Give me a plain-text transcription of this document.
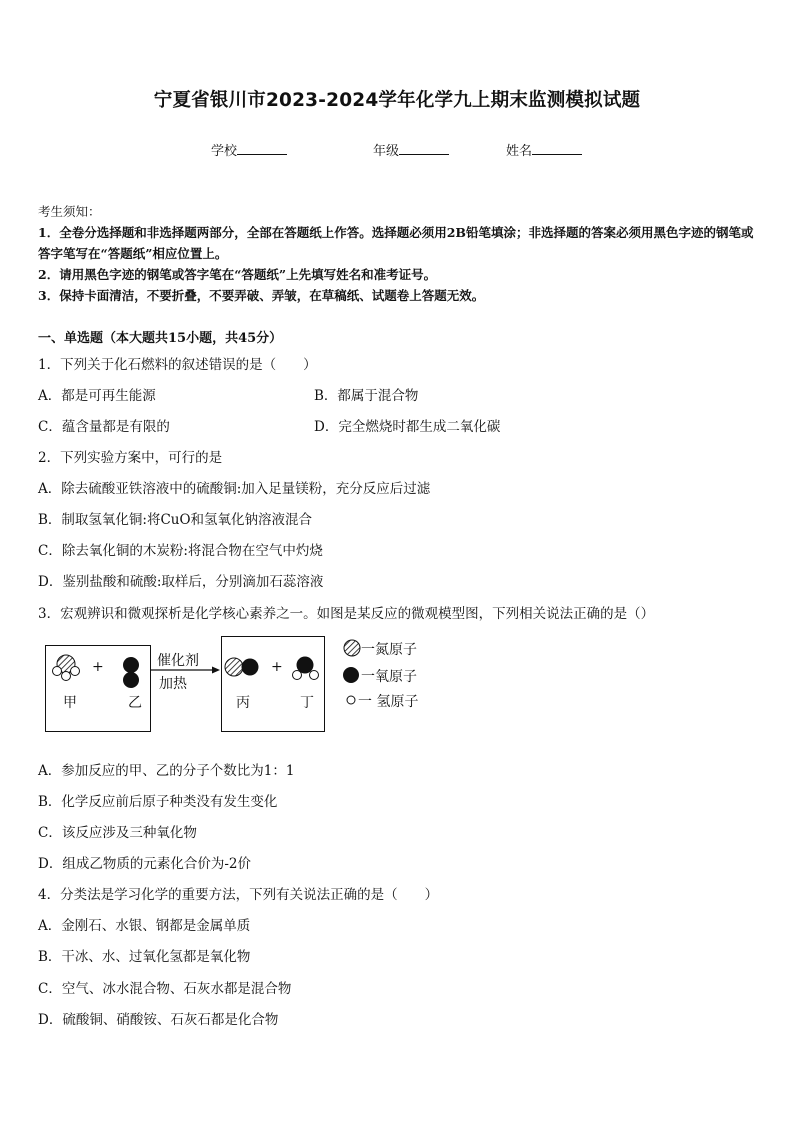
宁夏省银川市2023-2024学年化学九上期末监测模拟试题
学校	年级	姓名
考生须知：
1．全卷分选择题和非选择题两部分，全部在答题纸上作答。选择题必须用2B铅笔填涂；非选择题的答案必须用黑色字迹的钢笔或答字笔写在“答题纸”相应位置上。
2．请用黑色字迹的钢笔或答字笔在“答题纸”上先填写姓名和准考证号。
3．保持卡面清洁，不要折叠，不要弄破、弄皱，在草稿纸、试题卷上答题无效。
一、单选题（本大题共15小题，共45分）
1．下列关于化石燃料的叙述错误的是（　　）
A．都是可再生能源	B．都属于混合物
C．蕴含量都是有限的	D．完全燃烧时都生成二氧化碳
2．下列实验方案中，可行的是
A．除去硫酸亚铁溶液中的硫酸铜:加入足量镁粉，充分反应后过滤
B．制取氢氧化铜:将CuO和氢氧化钠溶液混合
C．除去氧化铜的木炭粉:将混合物在空气中灼烧
D．鉴别盐酸和硫酸:取样后，分别滴加石蕊溶液
3．宏观辨识和微观探析是化学核心素养之一。如图是某反应的微观模型图，下列相关说法正确的是（）
+	+
催化剂
加热
甲	乙	丙	丁
一氮原子
一氧原子
一 氢原子
A．参加反应的甲、乙的分子个数比为1：1
B．化学反应前后原子种类没有发生变化
C．该反应涉及三种氧化物
D．组成乙物质的元素化合价为-2价
4．分类法是学习化学的重要方法，下列有关说法正确的是（　　）
A．金刚石、水银、钢都是金属单质
B．干冰、水、过氧化氢都是氧化物
C．空气、冰水混合物、石灰水都是混合物
D．硫酸铜、硝酸铵、石灰石都是化合物
